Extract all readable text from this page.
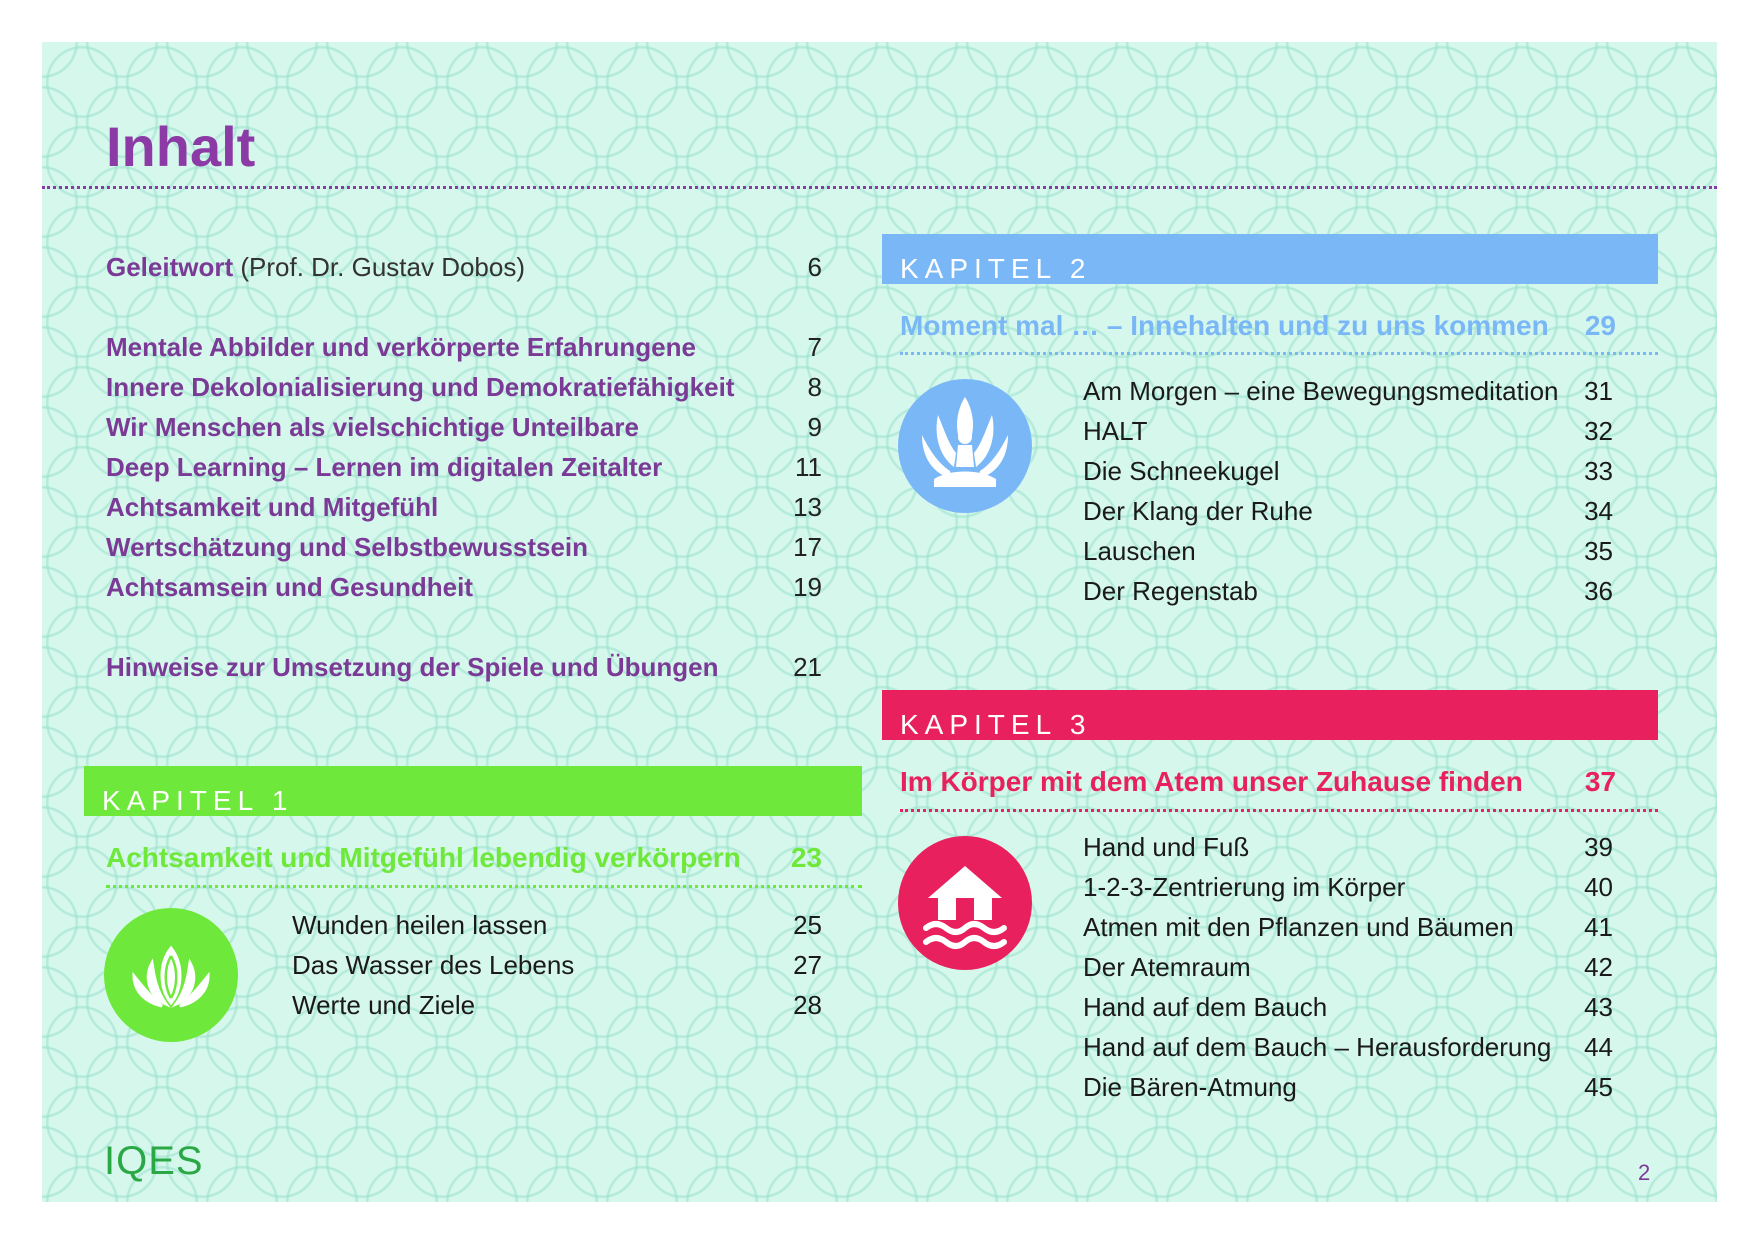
Inhalt
Geleitwort (Prof. Dr. Gustav Dobos)	6
Mentale Abbilder und verkörperte Erfahrungene	7
Innere Dekolonialisierung und Demokratiefähigkeit	8
Wir Menschen als vielschichtige Unteilbare	9
Deep Learning – Lernen im digitalen Zeitalter	11
Achtsamkeit und Mitgefühl	13
Wertschätzung und Selbstbewusstsein	17
Achtsamsein und Gesundheit	19
Hinweise zur Umsetzung der Spiele und Übungen	21
KAPITEL 1
Achtsamkeit und Mitgefühl lebendig verkörpern 23
Wunden heilen lassen	25
Das Wasser des Lebens	27
Werte und Ziele	28
KAPITEL 2
Moment mal … – Innehalten und zu uns kommen 29
Am Morgen – eine Bewegungsmeditation 31
HALT	32
Die Schneekugel	33
Der Klang der Ruhe	34
Lauschen	35
Der Regenstab	36
KAPITEL 3
Im Körper mit dem Atem unser Zuhause finden 37
Hand und Fuß	39
1-2-3-Zentrierung im Körper	40
Atmen mit den Pflanzen und Bäumen	41
Der Atemraum	42
Hand auf dem Bauch	43
Hand auf dem Bauch – Herausforderung 44
Die Bären-Atmung	45
IQES	2
